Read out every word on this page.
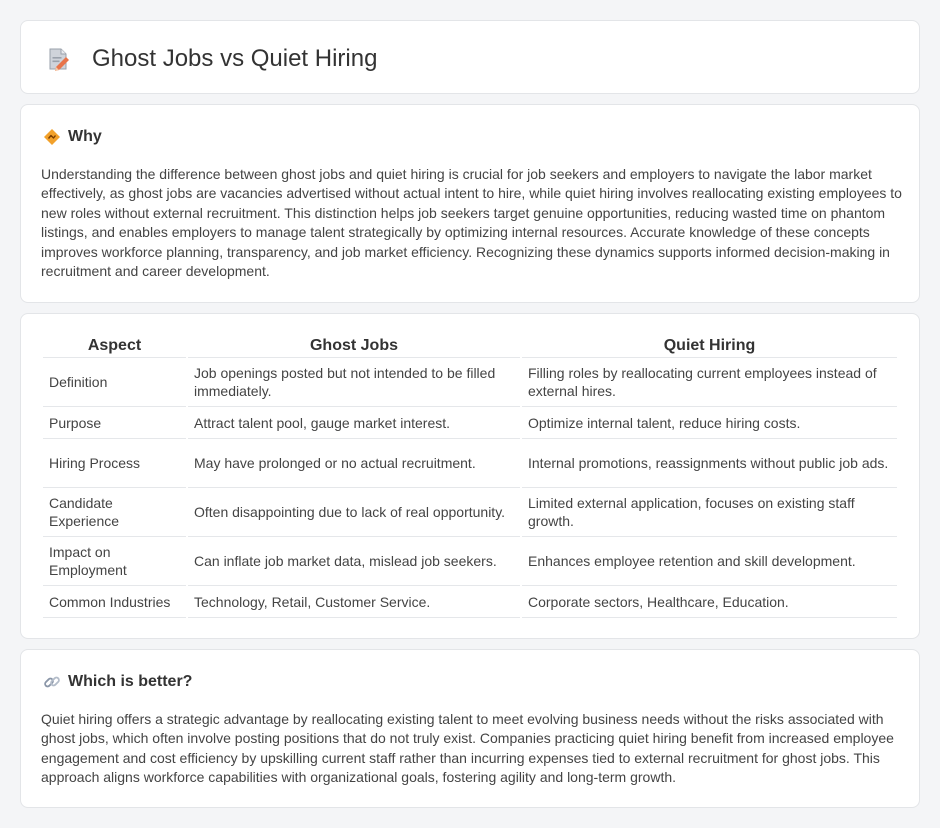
Ghost Jobs vs Quiet Hiring
Why

Understanding the difference between ghost jobs and quiet hiring is crucial for job seekers and employers to navigate the labor market effectively, as ghost jobs are vacancies advertised without actual intent to hire, while quiet hiring involves reallocating existing employees to new roles without external recruitment. This distinction helps job seekers target genuine opportunities, reducing wasted time on phantom listings, and enables employers to manage talent strategically by optimizing internal resources. Accurate knowledge of these concepts improves workforce planning, transparency, and job market efficiency. Recognizing these dynamics supports informed decision-making in recruitment and career development.

Aspect	Ghost Jobs	Quiet Hiring
Definition	Job openings posted but not intended to be filled immediately.	Filling roles by reallocating current employees instead of external hires.
Purpose	Attract talent pool, gauge market interest.	Optimize internal talent, reduce hiring costs.
Hiring Process	May have prolonged or no actual recruitment.	Internal promotions, reassignments without public job ads.
Candidate Experience	Often disappointing due to lack of real opportunity.	Limited external application, focuses on existing staff growth.
Impact on Employment	Can inflate job market data, mislead job seekers.	Enhances employee retention and skill development.
Common Industries	Technology, Retail, Customer Service.	Corporate sectors, Healthcare, Education.
Which is better?

Quiet hiring offers a strategic advantage by reallocating existing talent to meet evolving business needs without the risks associated with ghost jobs, which often involve posting positions that do not truly exist. Companies practicing quiet hiring benefit from increased employee engagement and cost efficiency by upskilling current staff rather than incurring expenses tied to external recruitment for ghost jobs. This approach aligns workforce capabilities with organizational goals, fostering agility and long-term growth.
